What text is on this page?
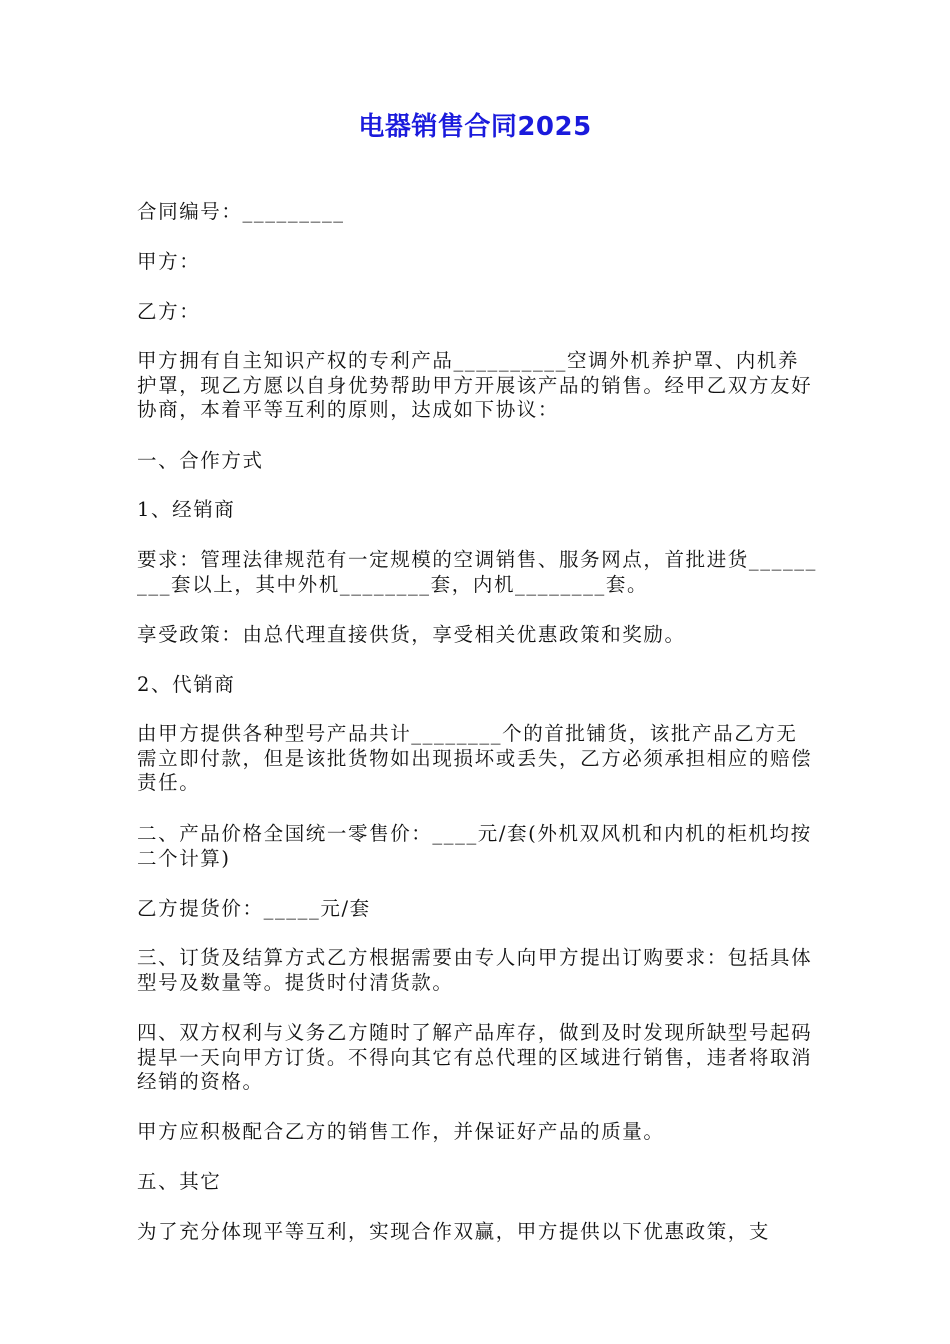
电器销售合同2025
合同编号：_________
甲方：
乙方：
甲方拥有自主知识产权的专利产品__________空调外机养护罩、内机养护罩，现乙方愿以自身优势帮助甲方开展该产品的销售。经甲乙双方友好协商，本着平等互利的原则，达成如下协议：
一、合作方式
1、经销商
要求：管理法律规范有一定规模的空调销售、服务网点，首批进货_________套以上，其中外机________套，内机________套。
享受政策：由总代理直接供货，享受相关优惠政策和奖励。
2、代销商
由甲方提供各种型号产品共计________个的首批铺货，该批产品乙方无需立即付款，但是该批货物如出现损坏或丢失，乙方必须承担相应的赔偿责任。
二、产品价格全国统一零售价：____元/套(外机双风机和内机的柜机均按二个计算)
乙方提货价：_____元/套
三、订货及结算方式乙方根据需要由专人向甲方提出订购要求：包括具体型号及数量等。提货时付清货款。
四、双方权利与义务乙方随时了解产品库存，做到及时发现所缺型号起码提早一天向甲方订货。不得向其它有总代理的区域进行销售，违者将取消经销的资格。
甲方应积极配合乙方的销售工作，并保证好产品的质量。
五、其它
为了充分体现平等互利，实现合作双赢，甲方提供以下优惠政策，支
